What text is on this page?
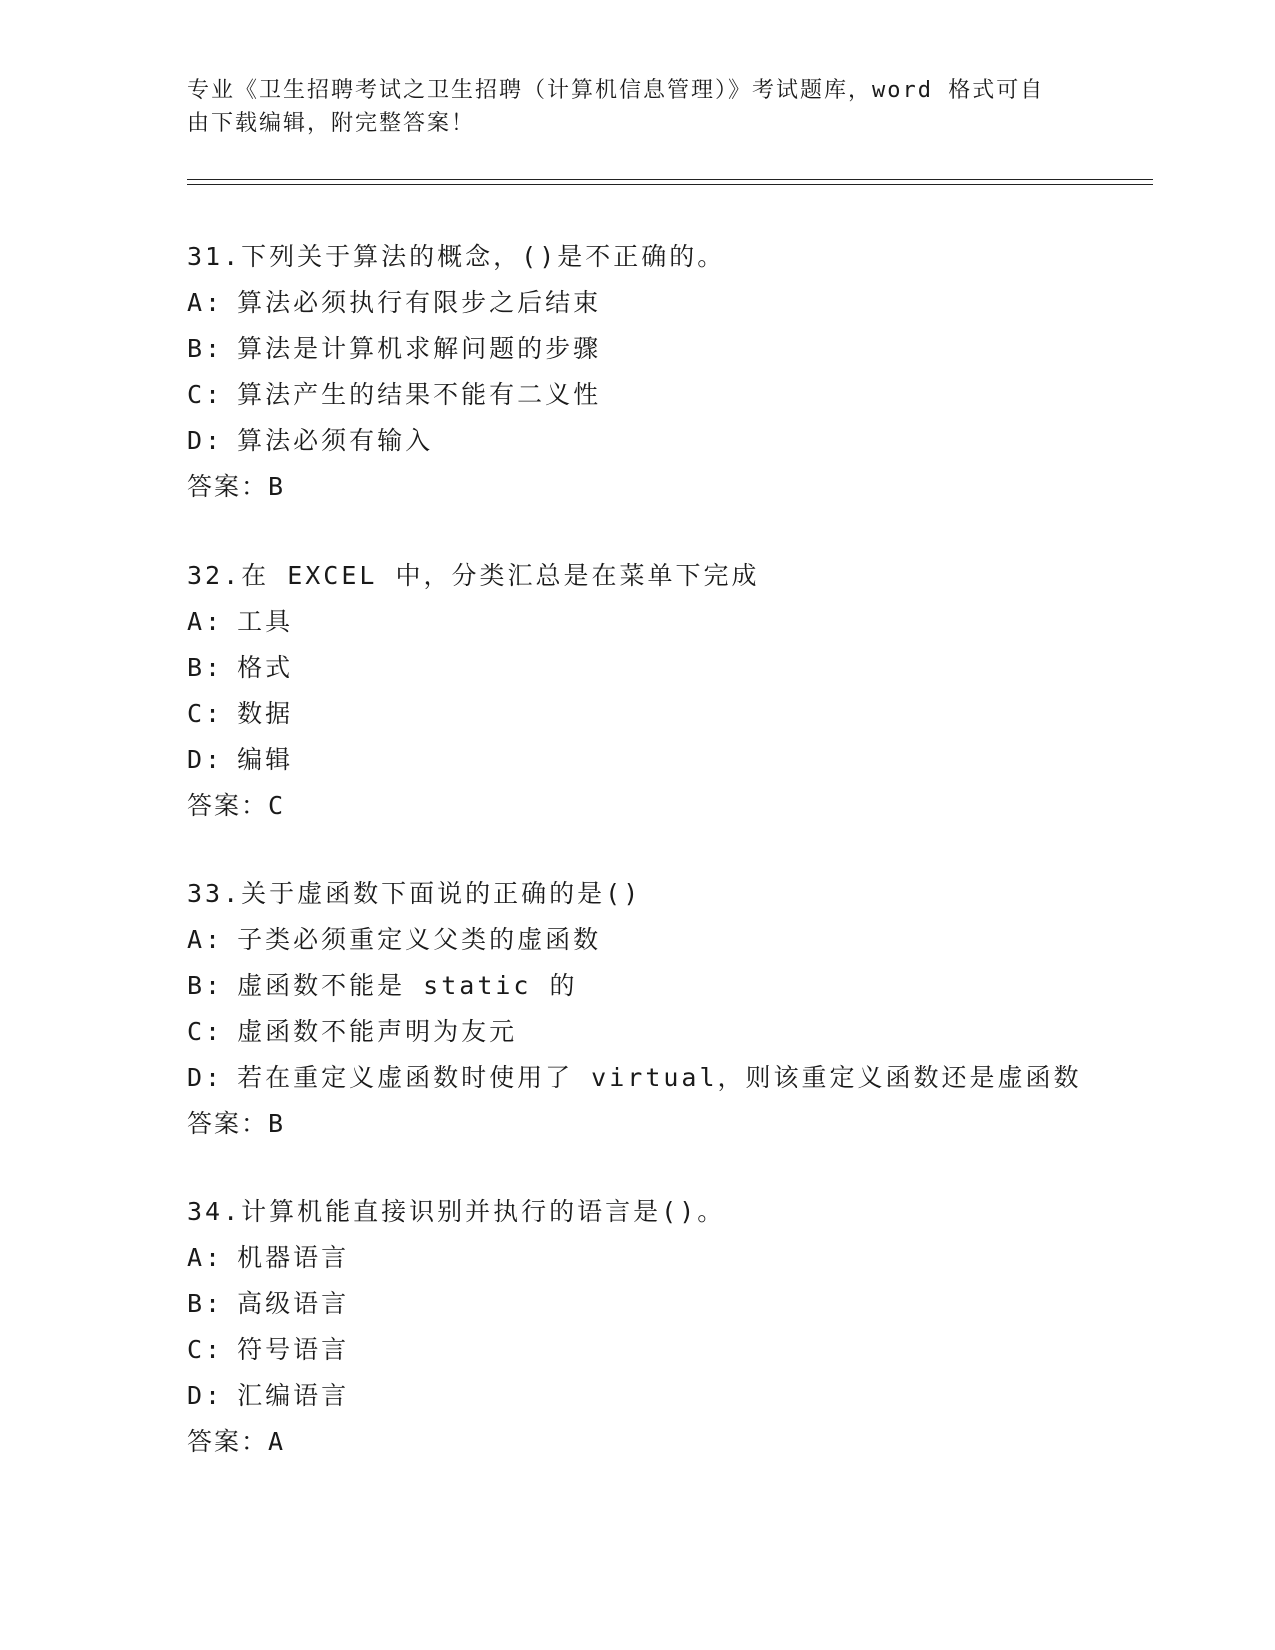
专业《卫生招聘考试之卫生招聘（计算机信息管理）》考试题库，word 格式可自
由下载编辑，附完整答案！
31.下列关于算法的概念，()是不正确的。
A: 算法必须执行有限步之后结束
B: 算法是计算机求解问题的步骤
C: 算法产生的结果不能有二义性
D: 算法必须有输入
答案：B
32.在 EXCEL 中，分类汇总是在菜单下完成
A: 工具
B: 格式
C: 数据
D: 编辑
答案：C
33.关于虚函数下面说的正确的是()
A: 子类必须重定义父类的虚函数
B: 虚函数不能是 static 的
C: 虚函数不能声明为友元
D: 若在重定义虚函数时使用了 virtual，则该重定义函数还是虚函数
答案：B
34.计算机能直接识别并执行的语言是()。
A: 机器语言
B: 高级语言
C: 符号语言
D: 汇编语言
答案：A
